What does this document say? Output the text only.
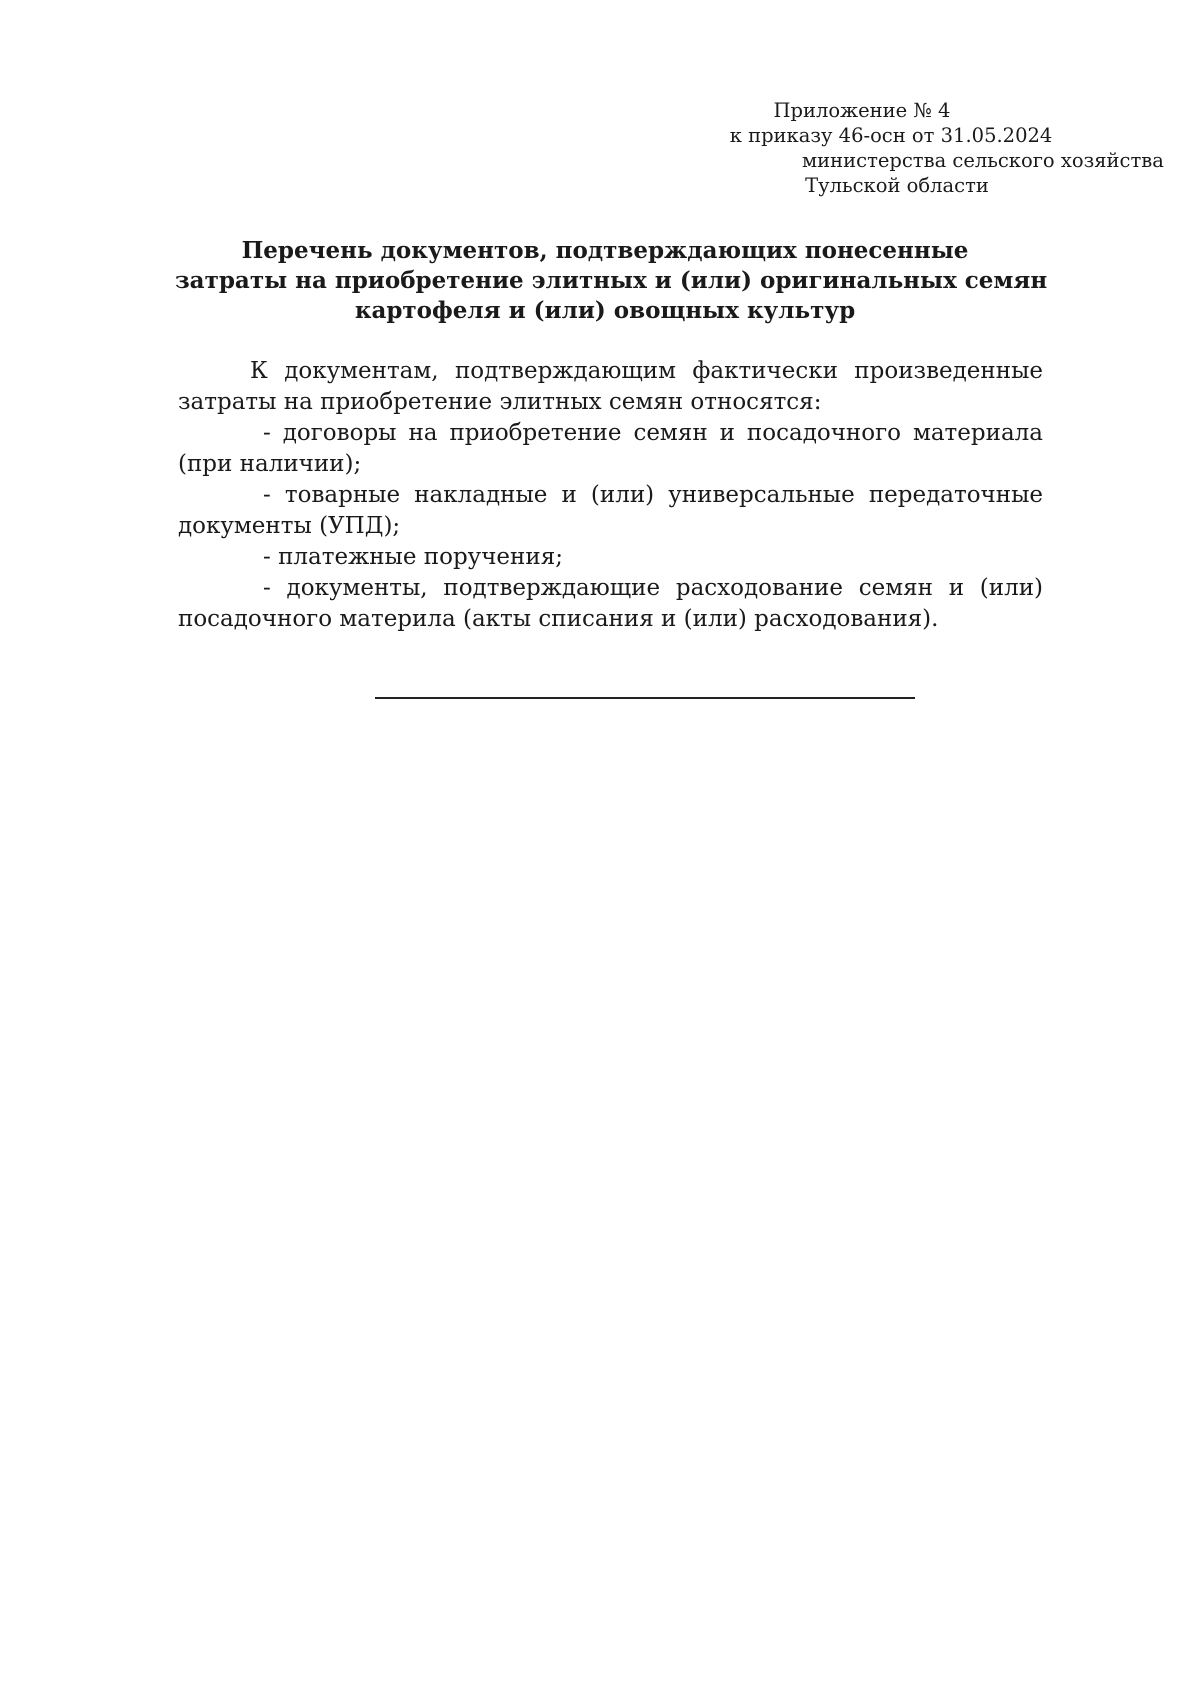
Приложение № 4
к приказу 46-осн от 31.05.2024
министерства сельского хозяйства
Тульской области
Перечень документов, подтверждающих понесенные
затраты на приобретение элитных и (или) оригинальных семян
картофеля и (или) овощных культур

К документам, подтверждающим фактически произведенные затраты на приобретение элитных семян относятся:

- договоры на приобретение семян и посадочного материала (при наличии);

- товарные накладные и (или) универсальные передаточные документы (УПД);

- платежные поручения;

- документы, подтверждающие расходование семян и (или) посадочного материла (акты списания и (или) расходования).
